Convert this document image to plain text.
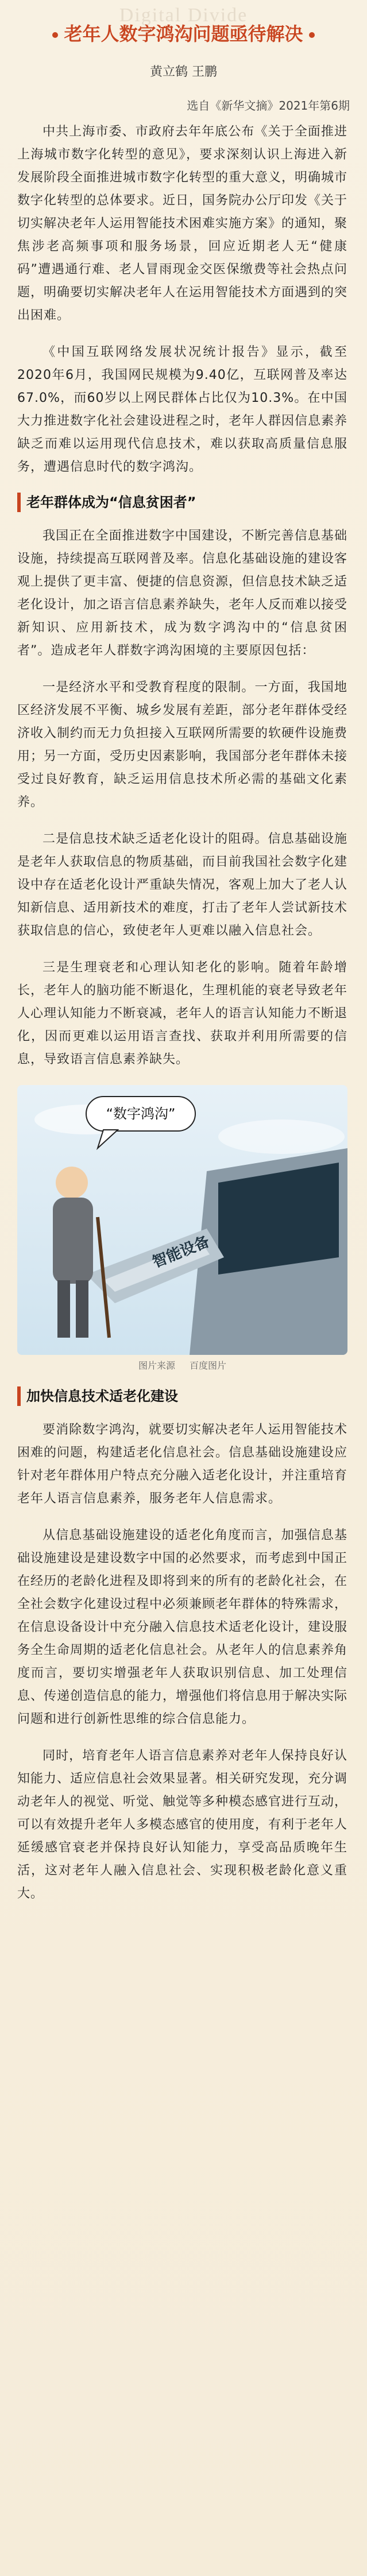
Digital Divide
老年人数字鸿沟问题亟待解决
黄立鹤 王鹏
选自《新华文摘》2021年第6期

中共上海市委、市政府去年年底公布《关于全面推进上海城市数字化转型的意见》，要求深刻认识上海进入新发展阶段全面推进城市数字化转型的重大意义，明确城市数字化转型的总体要求。近日，国务院办公厅印发《关于切实解决老年人运用智能技术困难实施方案》的通知，聚焦涉老高频事项和服务场景，回应近期老人无“健康码”遭遇通行难、老人冒雨现金交医保缴费等社会热点问题，明确要切实解决老年人在运用智能技术方面遇到的突出困难。

《中国互联网络发展状况统计报告》显示，截至2020年6月，我国网民规模为9.40亿，互联网普及率达67.0%，而60岁以上网民群体占比仅为10.3%。在中国大力推进数字化社会建设进程之时，老年人群因信息素养缺乏而难以运用现代信息技术，难以获取高质量信息服务，遭遇信息时代的数字鸿沟。

老年群体成为“信息贫困者”

我国正在全面推进数字中国建设，不断完善信息基础设施，持续提高互联网普及率。信息化基础设施的建设客观上提供了更丰富、便捷的信息资源，但信息技术缺乏适老化设计，加之语言信息素养缺失，老年人反而难以接受新知识、应用新技术，成为数字鸿沟中的“信息贫困者”。造成老年人群数字鸿沟困境的主要原因包括：

一是经济水平和受教育程度的限制。一方面，我国地区经济发展不平衡、城乡发展有差距，部分老年群体受经济收入制约而无力负担接入互联网所需要的软硬件设施费用；另一方面，受历史因素影响，我国部分老年群体未接受过良好教育，缺乏运用信息技术所必需的基础文化素养。

二是信息技术缺乏适老化设计的阻碍。信息基础设施是老年人获取信息的物质基础，而目前我国社会数字化建设中存在适老化设计严重缺失情况，客观上加大了老人认知新信息、适用新技术的难度，打击了老年人尝试新技术获取信息的信心，致使老年人更难以融入信息社会。

三是生理衰老和心理认知老化的影响。随着年龄增长，老年人的脑功能不断退化，生理机能的衰老导致老年人心理认知能力不断衰减，老年人的语言认知能力不断退化，因而更难以运用语言查找、获取并利用所需要的信息，导致语言信息素养缺失。

智能设备
“数字鸿沟”
图片来源 百度图片
加快信息技术适老化建设

要消除数字鸿沟，就要切实解决老年人运用智能技术困难的问题，构建适老化信息社会。信息基础设施建设应针对老年群体用户特点充分融入适老化设计，并注重培育老年人语言信息素养，服务老年人信息需求。

从信息基础设施建设的适老化角度而言，加强信息基础设施建设是建设数字中国的必然要求，而考虑到中国正在经历的老龄化进程及即将到来的所有的老龄化社会，在全社会数字化建设过程中必须兼顾老年群体的特殊需求，在信息设备设计中充分融入信息技术适老化设计，建设服务全生命周期的适老化信息社会。从老年人的信息素养角度而言，要切实增强老年人获取识别信息、加工处理信息、传递创造信息的能力，增强他们将信息用于解决实际问题和进行创新性思维的综合信息能力。

同时，培育老年人语言信息素养对老年人保持良好认知能力、适应信息社会效果显著。相关研究发现，充分调动老年人的视觉、听觉、触觉等多种模态感官进行互动，可以有效提升老年人多模态感官的使用度，有利于老年人延缓感官衰老并保持良好认知能力，享受高品质晚年生活，这对老年人融入信息社会、实现积极老龄化意义重大。
